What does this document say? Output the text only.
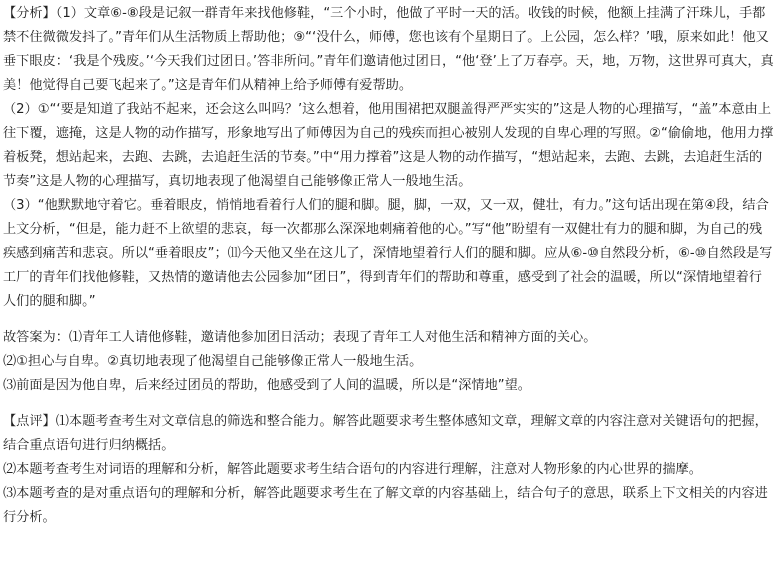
【分析】（1）文章⑥-⑧段是记叙一群青年来找他修鞋，“三个小时，他做了平时一天的活。收钱的时候，他额上挂满了汗珠儿，手都禁不住微微发抖了。”青年们从生活物质上帮助他；⑨“‘没什么，师傅，您也该有个星期日了。上公园，怎么样？’哦，原来如此！他又垂下眼皮：‘我是个残废。’‘今天我们过团日。’答非所问。”青年们邀请他过团日，“他‘登’上了万春亭。天，地，万物，这世界可真大，真美！他觉得自己要飞起来了。”这是青年们从精神上给予师傅有爱帮助。

（2）①“‘要是知道了我站不起来，还会这么叫吗？’这么想着，他用围裙把双腿盖得严严实实的”这是人物的心理描写，“盖”本意由上往下覆，遮掩，这是人物的动作描写，形象地写出了师傅因为自己的残疾而担心被别人发现的自卑心理的写照。②“偷偷地，他用力撑着板凳，想站起来，去跑、去跳，去追赶生活的节奏。”中“用力撑着”这是人物的动作描写，“想站起来，去跑、去跳，去追赶生活的节奏”这是人物的心理描写，真切地表现了他渴望自己能够像正常人一般地生活。

（3）“他默默地守着它。垂着眼皮，悄悄地看着行人们的腿和脚。腿，脚，一双，又一双，健壮，有力。”这句话出现在第④段，结合上文分析，“但是，能力赶不上欲望的悲哀，每一次都那么深深地刺痛着他的心。”写“他”盼望有一双健壮有力的腿和脚，为自己的残疾感到痛苦和悲哀。所以“垂着眼皮”；⑾今天他又坐在这儿了，深情地望着行人们的腿和脚。应从⑥-⑩自然段分析，⑥-⑩自然段是写工厂的青年们找他修鞋，又热情的邀请他去公园参加“团日”，得到青年们的帮助和尊重，感受到了社会的温暖，所以“深情地望着行人们的腿和脚。”

故答案为：⑴青年工人请他修鞋，邀请他参加团日活动；表现了青年工人对他生活和精神方面的关心。

⑵①担心与自卑。②真切地表现了他渴望自己能够像正常人一般地生活。

⑶前面是因为他自卑，后来经过团员的帮助，他感受到了人间的温暖，所以是“深情地”望。

【点评】⑴本题考查考生对文章信息的筛选和整合能力。解答此题要求考生整体感知文章，理解文章的内容注意对关键语句的把握，结合重点语句进行归纳概括。

⑵本题考查考生对词语的理解和分析，解答此题要求考生结合语句的内容进行理解，注意对人物形象的内心世界的揣摩。

⑶本题考查的是对重点语句的理解和分析，解答此题要求考生在了解文章的内容基础上，结合句子的意思，联系上下文相关的内容进行分析。
